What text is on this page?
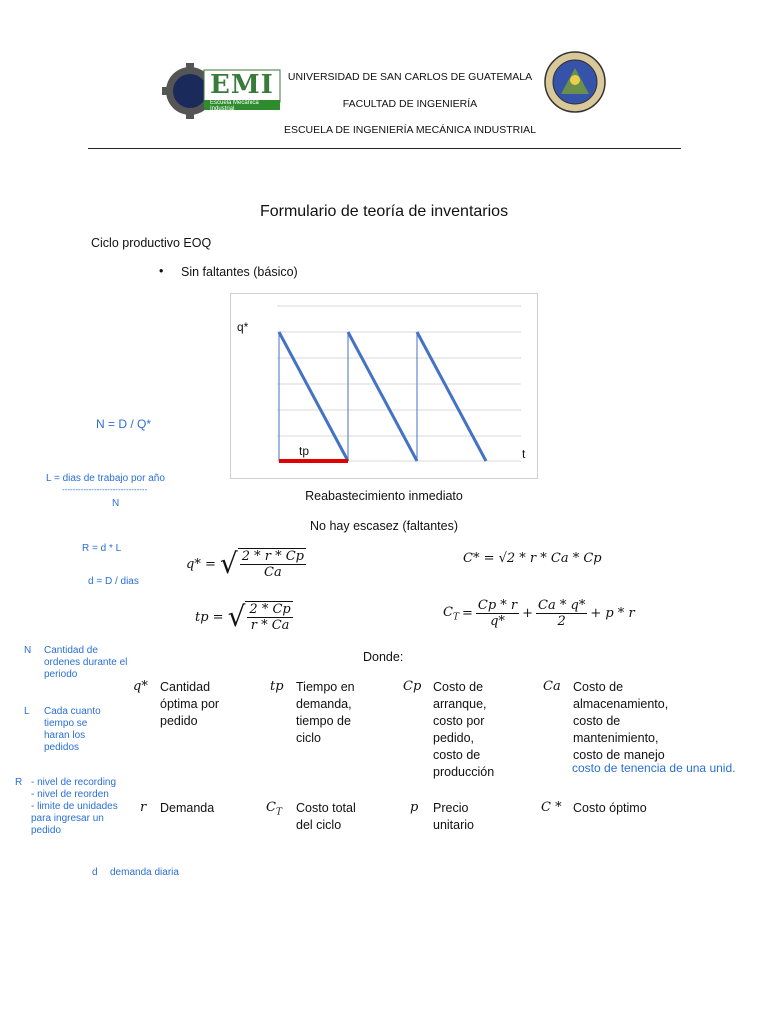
EMI
Escuela Mecánica Industrial
UNIVERSIDAD DE SAN CARLOS DE GUATEMALA
FACULTAD DE INGENIERÍA
ESCUELA DE INGENIERÍA MECÁNICA INDUSTRIAL
Formulario de teoría de inventarios
Ciclo productivo EOQ
• Sin faltantes (básico)
q*
tp	t
Reabastecimiento inmediato
No hay escasez (faltantes)
N = D / Q*
L = dias de trabajo por año
--------------------------------
N
R = d * L
d = D / dias
N Cantidad de ordenes durante el periodo
L Cada cuanto tiempo se haran los pedidos
R - nivel de recording
- nivel de reorden
- limite de unidades para ingresar un pedido
d demanda diaria
q* = √ $\frac{2 * r * Cp}{Ca}$
tp = √ $\frac{2 * Cp}{r * Ca}$
C* = √2 * r * Ca * Cp
$C_T = \frac{Cp * r}{q*} + \frac{Ca * q*}{2} + p * r$
Donde:
q* Cantidad óptima por pedido
tp Tiempo en demanda, tiempo de ciclo
Cp Costo de arranque, costo por pedido, costo de producción
Ca Costo de almacenamiento, costo de mantenimiento, costo de manejo
costo de tenencia de una unid.
r Demanda	$C_T$ Costo total del ciclo
p Precio unitario
C * Costo óptimo
